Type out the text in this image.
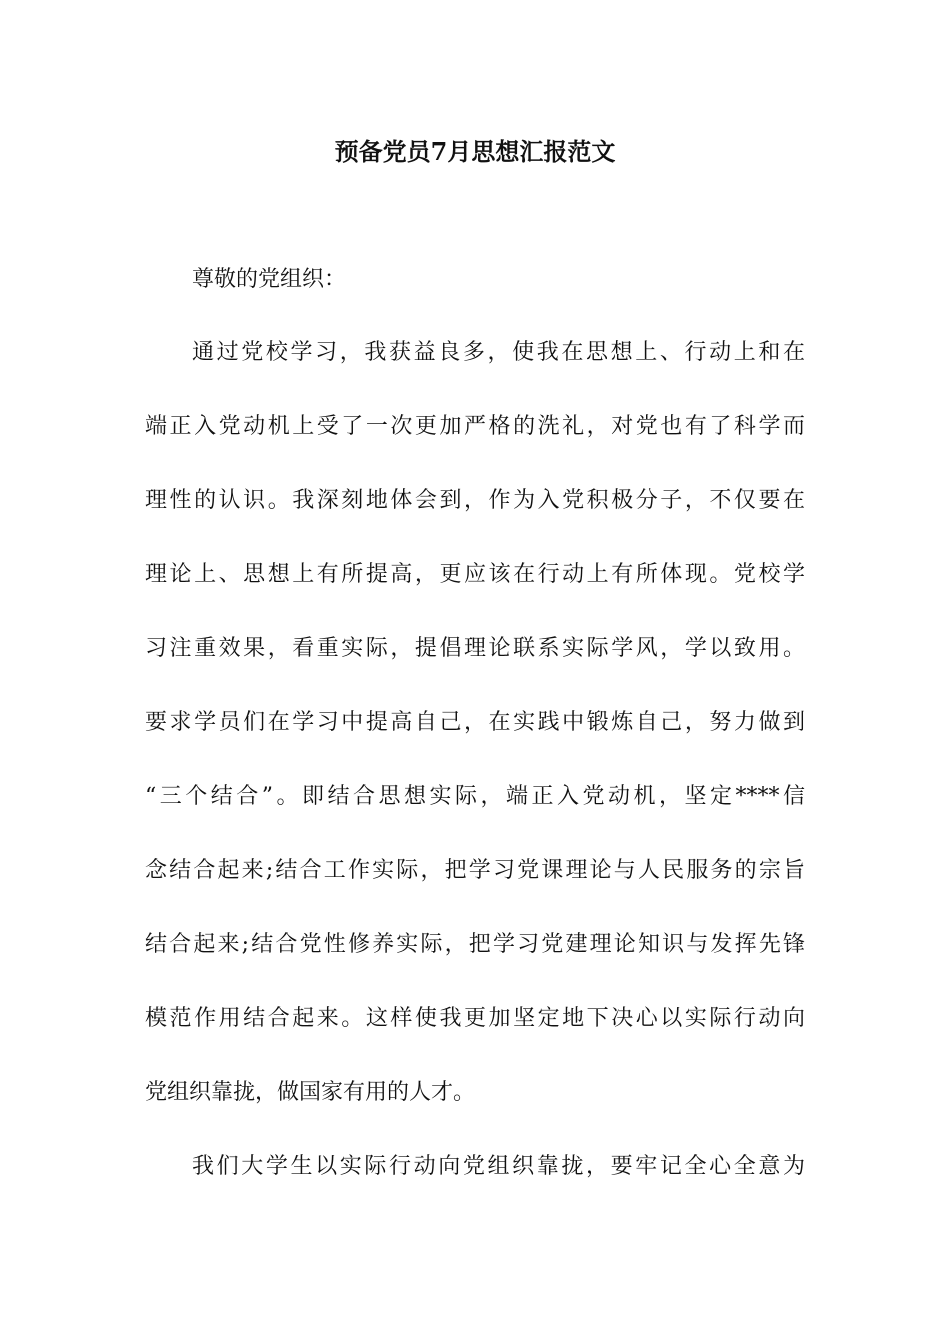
预备党员7月思想汇报范文
尊敬的党组织：
通过党校学习，我获益良多，使我在思想上、行动上和在
端正入党动机上受了一次更加严格的洗礼，对党也有了科学而
理性的认识。我深刻地体会到，作为入党积极分子，不仅要在
理论上、思想上有所提高，更应该在行动上有所体现。党校学
习注重效果，看重实际，提倡理论联系实际学风，学以致用。
要求学员们在学习中提高自己，在实践中锻炼自己，努力做到
“三个结合”。即结合思想实际，端正入党动机，坚定****信
念结合起来;结合工作实际，把学习党课理论与人民服务的宗旨
结合起来;结合党性修养实际，把学习党建理论知识与发挥先锋
模范作用结合起来。这样使我更加坚定地下决心以实际行动向
党组织靠拢，做国家有用的人才。
我们大学生以实际行动向党组织靠拢，要牢记全心全意为
